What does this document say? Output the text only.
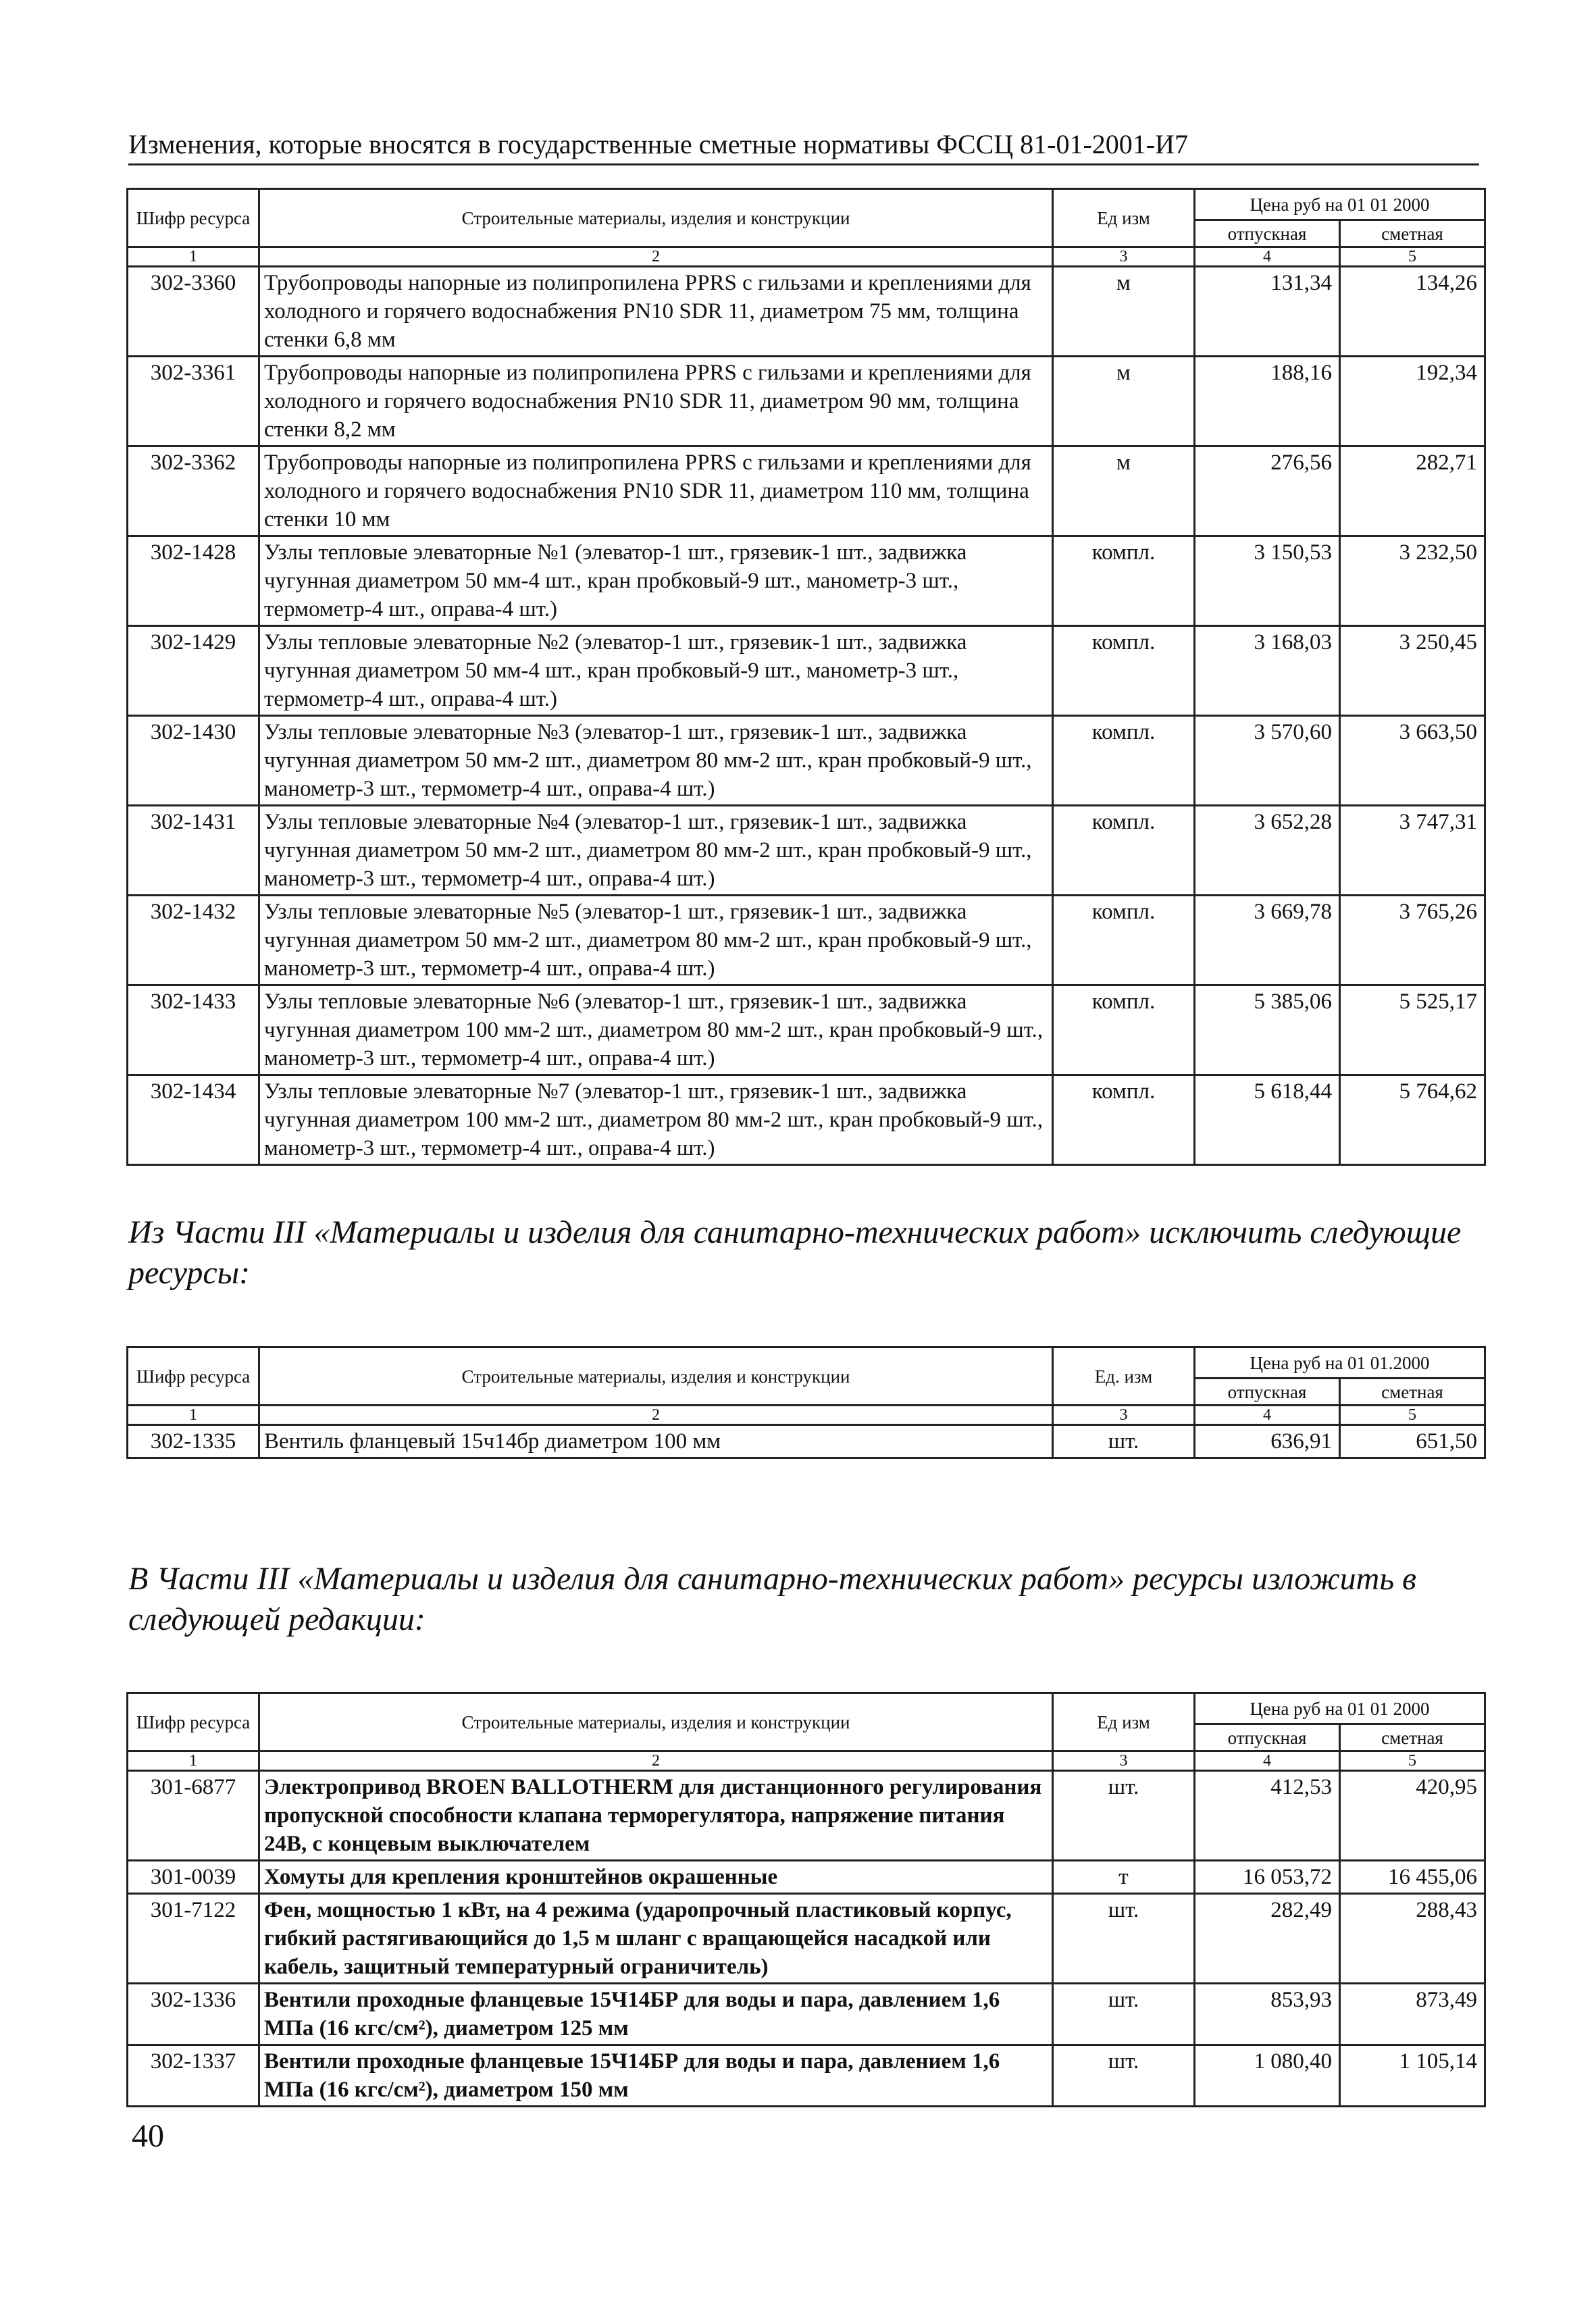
Изменения, которые вносятся в государственные сметные нормативы ФССЦ 81-01-2001-И7
Шифр ресурса	Строительные материалы, изделия и конструкции	Ед изм	Цена руб на 01 01 2000	
			отпускная	сметная
1	2	3	4	5
302-3360	Трубопроводы напорные из полипропилена PPRS с гильзами и креплениями для холодного и горячего водоснабжения PN10 SDR 11, диаметром 75 мм, толщина стенки 6,8 мм	м	131,34	134,26
302-3361	Трубопроводы напорные из полипропилена PPRS с гильзами и креплениями для холодного и горячего водоснабжения PN10 SDR 11, диаметром 90 мм, толщина стенки 8,2 мм	м	188,16	192,34
302-3362	Трубопроводы напорные из полипропилена PPRS с гильзами и креплениями для холодного и горячего водоснабжения PN10 SDR 11, диаметром 110 мм, толщина стенки 10 мм	м	276,56	282,71
302-1428	Узлы тепловые элеваторные №1 (элеватор-1 шт., грязевик-1 шт., задвижка чугунная диаметром 50 мм-4 шт., кран пробковый-9 шт., манометр-3 шт., термометр-4 шт., оправа-4 шт.)	компл.	3 150,53	3 232,50
302-1429	Узлы тепловые элеваторные №2 (элеватор-1 шт., грязевик-1 шт., задвижка чугунная диаметром 50 мм-4 шт., кран пробковый-9 шт., манометр-3 шт., термометр-4 шт., оправа-4 шт.)	компл.	3 168,03	3 250,45
302-1430	Узлы тепловые элеваторные №3 (элеватор-1 шт., грязевик-1 шт., задвижка чугунная диаметром 50 мм-2 шт., диаметром 80 мм-2 шт., кран пробковый-9 шт., манометр-3 шт., термометр-4 шт., оправа-4 шт.)	компл.	3 570,60	3 663,50
302-1431	Узлы тепловые элеваторные №4 (элеватор-1 шт., грязевик-1 шт., задвижка чугунная диаметром 50 мм-2 шт., диаметром 80 мм-2 шт., кран пробковый-9 шт., манометр-3 шт., термометр-4 шт., оправа-4 шт.)	компл.	3 652,28	3 747,31
302-1432	Узлы тепловые элеваторные №5 (элеватор-1 шт., грязевик-1 шт., задвижка чугунная диаметром 50 мм-2 шт., диаметром 80 мм-2 шт., кран пробковый-9 шт., манометр-3 шт., термометр-4 шт., оправа-4 шт.)	компл.	3 669,78	3 765,26
302-1433	Узлы тепловые элеваторные №6 (элеватор-1 шт., грязевик-1 шт., задвижка чугунная диаметром 100 мм-2 шт., диаметром 80 мм-2 шт., кран пробковый-9 шт., манометр-3 шт., термометр-4 шт., оправа-4 шт.)	компл.	5 385,06	5 525,17
302-1434	Узлы тепловые элеваторные №7 (элеватор-1 шт., грязевик-1 шт., задвижка чугунная диаметром 100 мм-2 шт., диаметром 80 мм-2 шт., кран пробковый-9 шт., манометр-3 шт., термометр-4 шт., оправа-4 шт.)	компл.	5 618,44	5 764,62

Из Части III «Материалы и изделия для санитарно-технических работ» исключить следующие ресурсы:

Шифр ресурса	Строительные материалы, изделия и конструкции	Ед. изм	Цена руб на 01 01.2000	
			отпускная	сметная
1	2	3	4	5
302-1335	Вентиль фланцевый 15ч14бр диаметром 100 мм	шт.	636,91	651,50

В Части III «Материалы и изделия для санитарно-технических работ» ресурсы изложить в следующей редакции:

Шифр ресурса	Строительные материалы, изделия и конструкции	Ед изм	Цена руб на 01 01 2000	
			отпускная	сметная
1	2	3	4	5
301-6877	Электропривод BROEN BALLOTHERM для дистанционного регулирования пропускной способности клапана терморегулятора, напряжение питания 24В, с концевым выключателем	шт.	412,53	420,95
301-0039	Хомуты для крепления кронштейнов окрашенные	т	16 053,72	16 455,06
301-7122	Фен, мощностью 1 кВт, на 4 режима (ударопрочный пластиковый корпус, гибкий растягивающийся до 1,5 м шланг с вращающейся насадкой или кабель, защитный температурный ограничитель)	шт.	282,49	288,43
302-1336	Вентили проходные фланцевые 15Ч14БР для воды и пара, давлением 1,6 МПа (16 кгс/см²), диаметром 125 мм	шт.	853,93	873,49
302-1337	Вентили проходные фланцевые 15Ч14БР для воды и пара, давлением 1,6 МПа (16 кгс/см²), диаметром 150 мм	шт.	1 080,40	1 105,14
40
